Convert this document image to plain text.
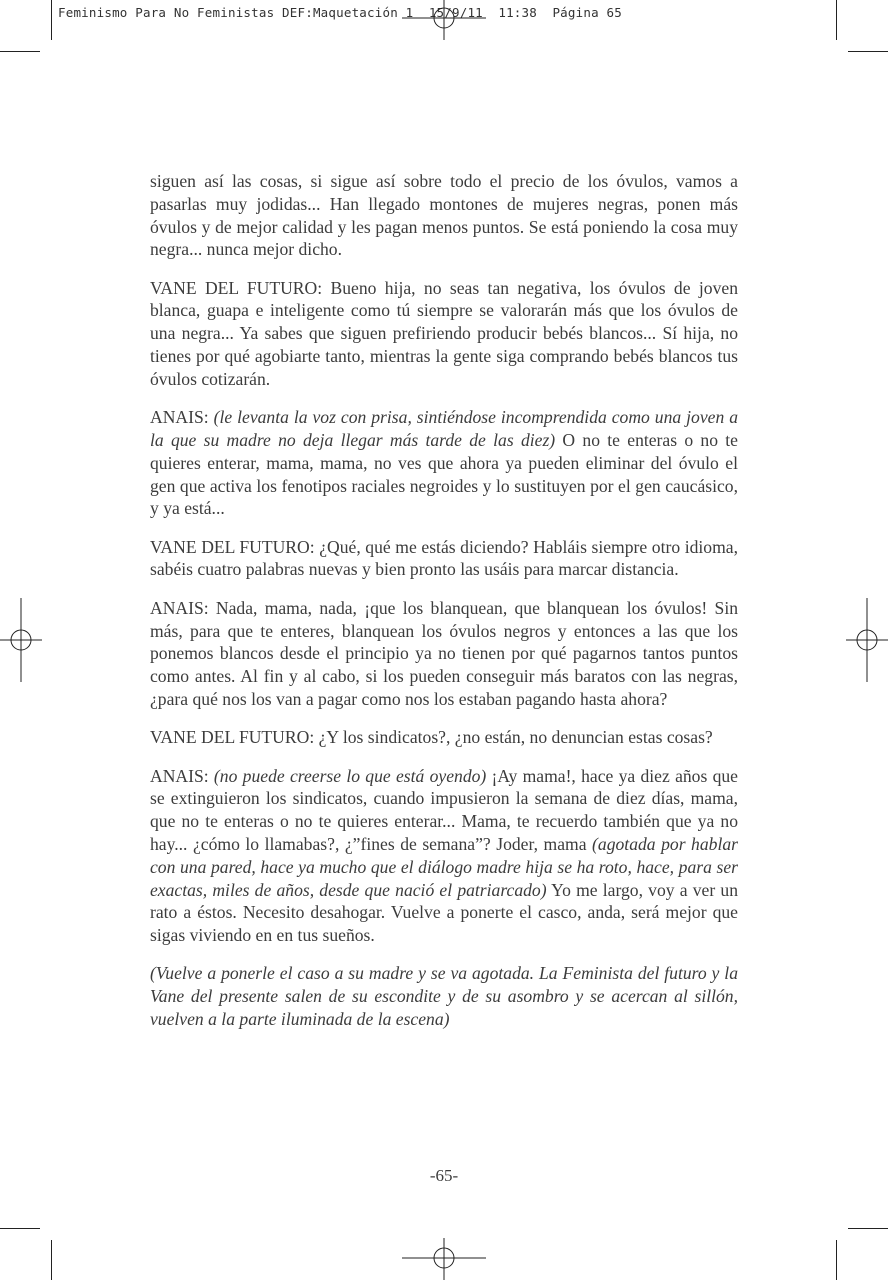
Feminismo Para No Feministas DEF:Maquetación 1  15/9/11  11:38  Página 65

siguen así las cosas, si sigue así sobre todo el precio de los óvulos, vamos a pasarlas muy jodidas... Han llegado montones de mujeres negras, ponen más óvulos y de mejor calidad y les pagan menos puntos. Se está poniendo la cosa muy negra... nunca mejor dicho.

VANE DEL FUTURO: Bueno hija, no seas tan negativa, los óvulos de joven blanca, guapa e inteligente como tú siempre se valorarán más que los óvulos de una negra... Ya sabes que siguen prefiriendo producir bebés blancos... Sí hija, no tienes por qué agobiarte tanto, mientras la gente siga comprando bebés blancos tus óvulos cotizarán.

ANAIS: (le levanta la voz con prisa, sintiéndose incomprendida como una joven a la que su madre no deja llegar más tarde de las diez) O no te enteras o no te quieres enterar, mama, mama, no ves que ahora ya pueden eliminar del óvulo el gen que activa los fenotipos raciales negroides y lo sustituyen por el gen caucásico, y ya está...

VANE DEL FUTURO: ¿Qué, qué me estás diciendo? Habláis siempre otro idioma, sabéis cuatro palabras nuevas y bien pronto las usáis para marcar distancia.

ANAIS: Nada, mama, nada, ¡que los blanquean, que blanquean los óvulos! Sin más, para que te enteres, blanquean los óvulos negros y entonces a las que los ponemos blancos desde el principio ya no tienen por qué pagarnos tantos puntos como antes. Al fin y al cabo, si los pueden conseguir más baratos con las negras, ¿para qué nos los van a pagar como nos los estaban pagando hasta ahora?

VANE DEL FUTURO: ¿Y los sindicatos?, ¿no están, no denuncian estas cosas?

ANAIS: (no puede creerse lo que está oyendo) ¡Ay mama!, hace ya diez años que se extinguieron los sindicatos, cuando impusieron la semana de diez días, mama, que no te enteras o no te quieres enterar... Mama, te recuerdo también que ya no hay... ¿cómo lo llamabas?, ¿”fines de semana”? Joder, mama (agotada por hablar con una pared, hace ya mucho que el diálogo madre hija se ha roto, hace, para ser exactas, miles de años, desde que nació el patriarcado) Yo me largo, voy a ver un rato a éstos. Necesito desahogar. Vuelve a ponerte el casco, anda, será mejor que sigas viviendo en en tus sueños.

(Vuelve a ponerle el caso a su madre y se va agotada. La Feminista del futuro y la Vane del presente salen de su escondite y de su asombro y se acercan al sillón, vuelven a la parte iluminada de la escena)

-65-
